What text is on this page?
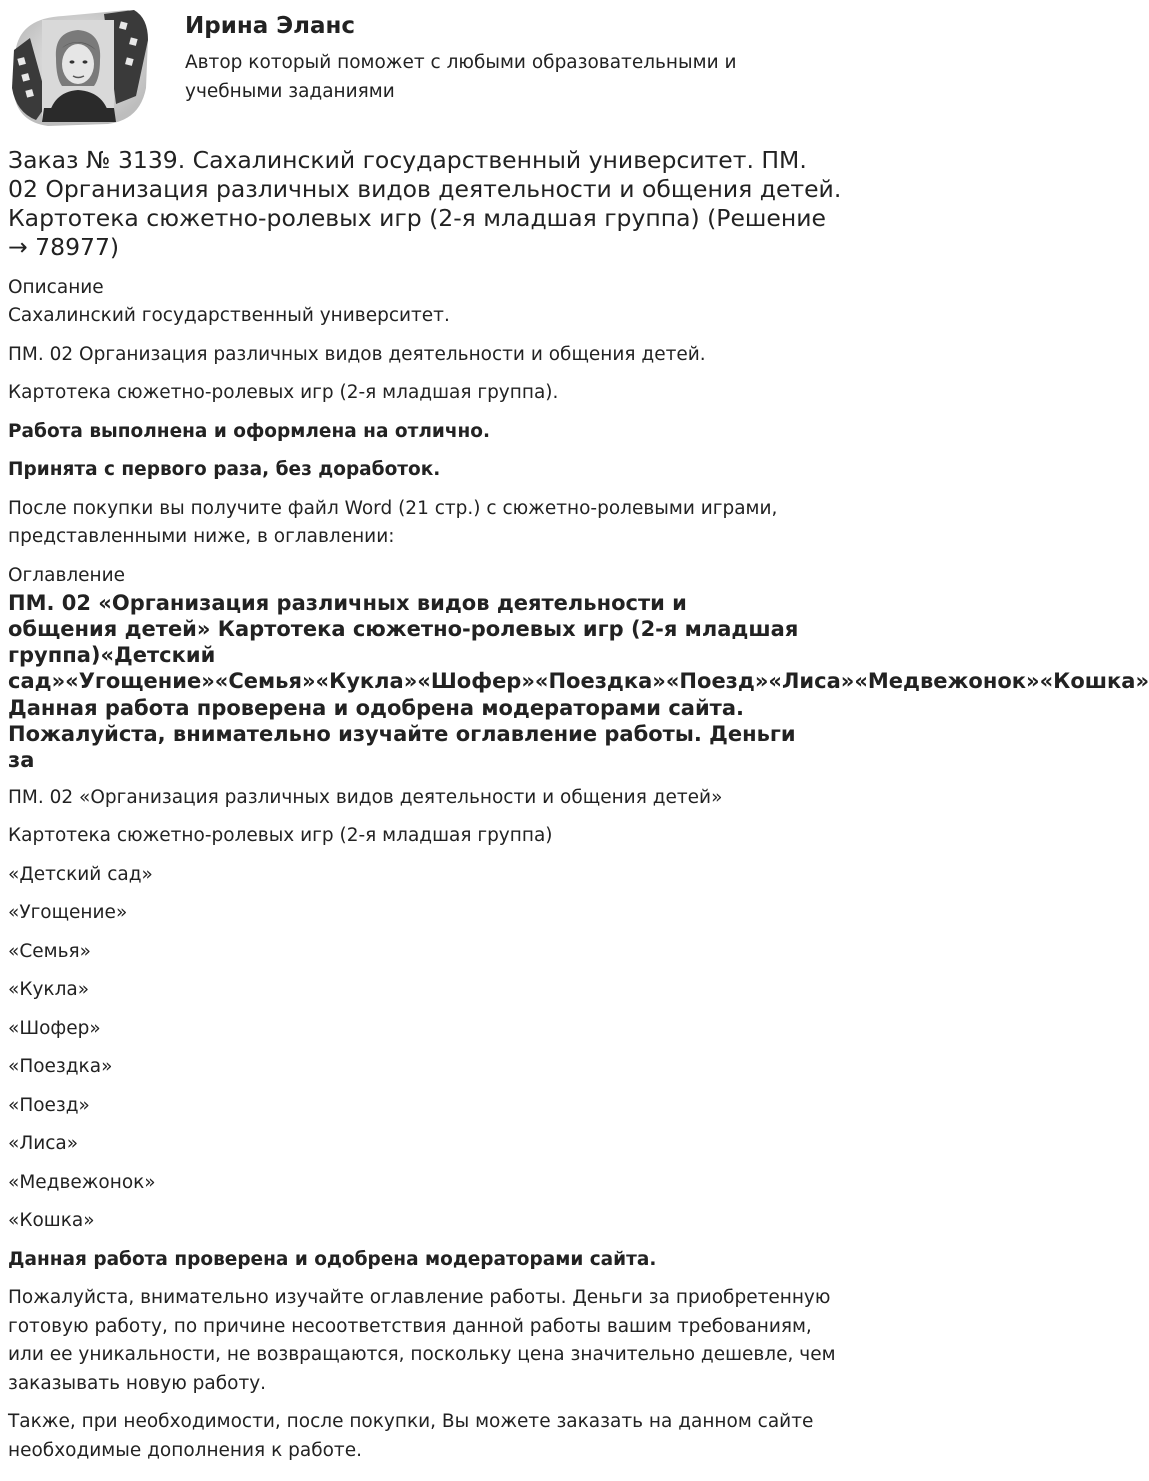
Ирина Эланс

Автор который поможет с любыми образовательными и учебными заданиями

Заказ № 3139. Сахалинский государственный университет. ПМ. 02 Организация различных видов деятельности и общения детей. Картотека сюжетно-ролевых игр (2-я младшая группа) (Решение → 78977)

Описание

Сахалинский государственный университет.

ПМ. 02 Организация различных видов деятельности и общения детей.

Картотека сюжетно-ролевых игр (2-я младшая группа).

Работа выполнена и оформлена на отлично.

Принята с первого раза, без доработок.

После покупки вы получите файл Word (21 стр.) с сюжетно-ролевыми играми, представленными ниже, в оглавлении:

Оглавление

ПМ. 02 «Организация различных видов деятельности и
общения детей» Картотека сюжетно-ролевых игр (2-я младшая
группа)«Детский
сад»«Угощение»«Семья»«Кукла»«Шофер»«Поездка»«Поезд»«Лиса»«Медвежонок»«Кошка»
Данная работа проверена и одобрена модераторами сайта.
Пожалуйста, внимательно изучайте оглавление работы. Деньги
за

ПМ. 02 «Организация различных видов деятельности и общения детей»

Картотека сюжетно-ролевых игр (2-я младшая группа)

«Детский сад»

«Угощение»

«Семья»

«Кукла»

«Шофер»

«Поездка»

«Поезд»

«Лиса»

«Медвежонок»

«Кошка»

Данная работа проверена и одобрена модераторами сайта.

Пожалуйста, внимательно изучайте оглавление работы. Деньги за приобретенную готовую работу, по причине несоответствия данной работы вашим требованиям, или ее уникальности, не возвращаются, поскольку цена значительно дешевле, чем заказывать новую работу.

Также, при необходимости, после покупки, Вы можете заказать на данном сайте необходимые дополнения к работе.
